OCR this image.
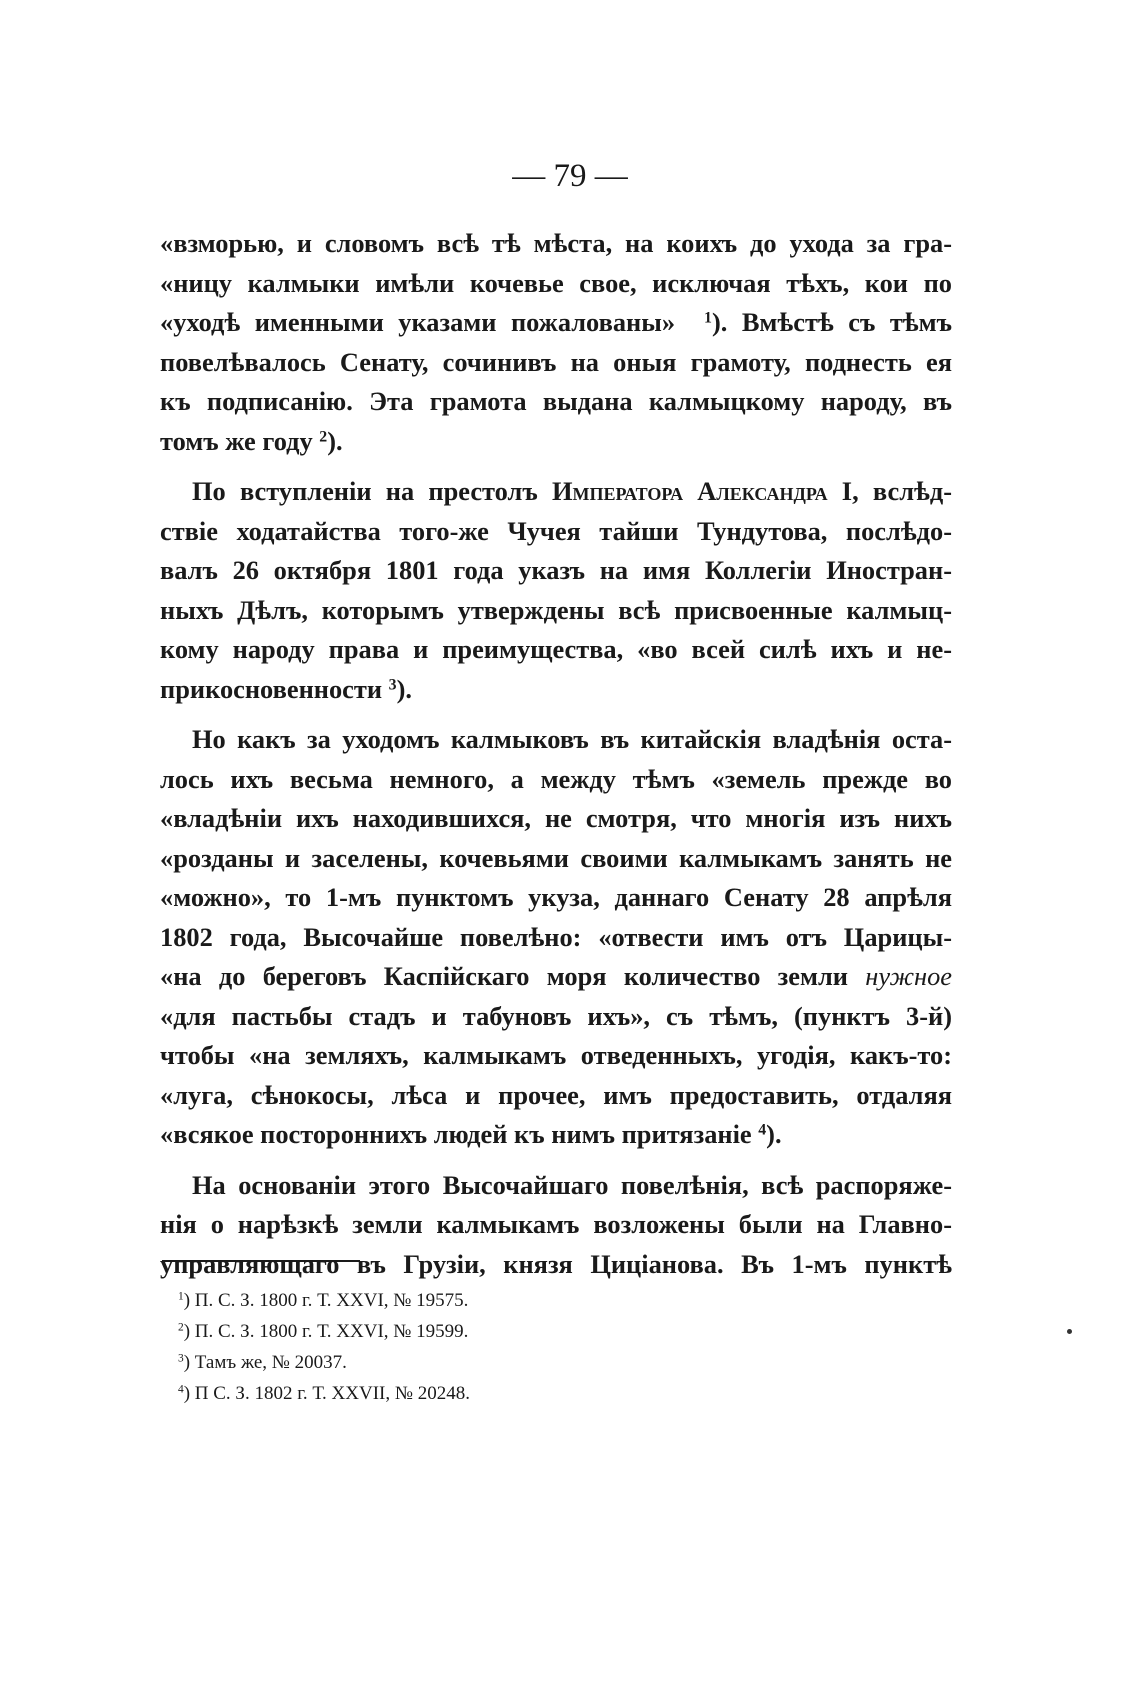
— 79 —
«взморью, и словомъ всѣ тѣ мѣста, на коихъ до ухода за гра-
«ницу калмыки имѣли кочевье свое, исключая тѣхъ, кои по
«уходѣ именными указами пожалованы» $^1$). Вмѣстѣ съ тѣмъ
повелѣвалось Сенату, сочинивъ на оныя грамоту, поднесть ея
къ подписанію. Эта грамота выдана калмыцкому народу, въ
томъ же году $^2$).
По вступленіи на престолъ Императора Александра I, вслѣд-
ствіе ходатайства того-же Чучея тайши Тундутова, послѣдо-
валъ 26 октября 1801 года указъ на имя Коллегіи Иностран-
ныхъ Дѣлъ, которымъ утверждены всѣ присвоенные калмыц-
кому народу права и преимущества, «во всей силѣ ихъ и не-
прикосновенности $^3$).
Но какъ за уходомъ калмыковъ въ китайскія владѣнія оста-
лось ихъ весьма немного, а между тѣмъ «земель прежде во
«владѣніи ихъ находившихся, не смотря, что многія изъ нихъ
«розданы и заселены, кочевьями своими калмыкамъ занять не
«можно», то 1-мъ пунктомъ укуза, даннаго Сенату 28 апрѣля
1802 года, Высочайше повелѣно: «отвести имъ отъ Царицы-
«на до береговъ Каспійскаго моря количество земли нужное
«для пастьбы стадъ и табуновъ ихъ», съ тѣмъ, (пунктъ 3-й)
чтобы «на земляхъ, калмыкамъ отведенныхъ, угодія, какъ-то:
«луга, сѣнокосы, лѣса и прочее, имъ предоставить, отдаляя
«всякое постороннихъ людей къ нимъ притязаніе $^4$).
На основаніи этого Высочайшаго повелѣнія, всѣ распоряже-
нія о нарѣзкѣ земли калмыкамъ возложены были на Главно-
управляющаго въ Грузіи, князя Цицiанова. Въ 1-мъ пунктѣ

$^1$) П. С. З. 1800 г. Т. XXVI, № 19575.

$^2$) П. С. З. 1800 г. Т. XXVI, № 19599.

$^3$) Тамъ же, № 20037.

$^4$) П С. З. 1802 г. Т. XXVII, № 20248.
